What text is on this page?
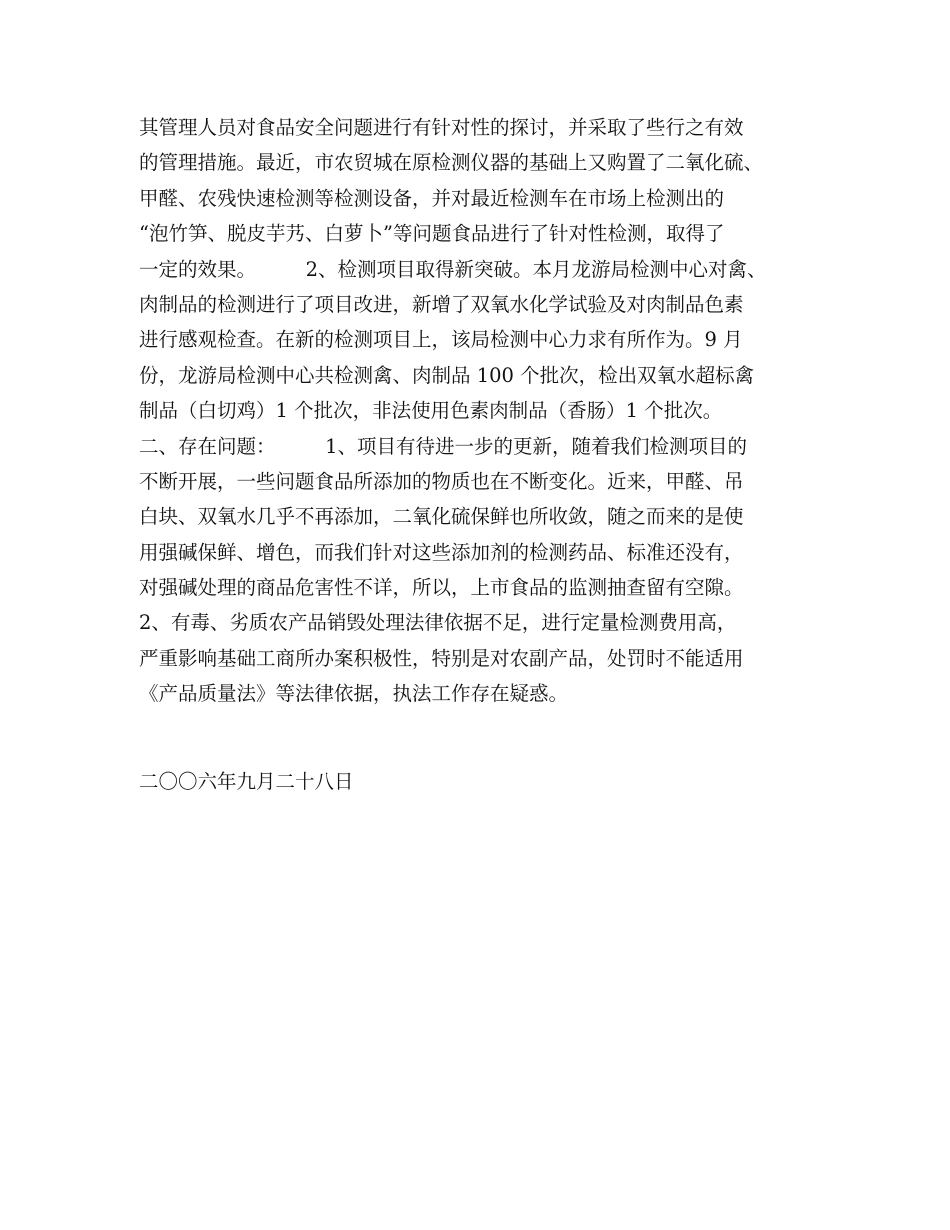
其管理人员对食品安全问题进行有针对性的探讨，并采取了些行之有效
的管理措施。最近，市农贸城在原检测仪器的基础上又购置了二氧化硫、
甲醛、农残快速检测等检测设备，并对最近检测车在市场上检测出的
“泡竹笋、脱皮芋艿、白萝卜”等问题食品进行了针对性检测，取得了
一定的效果。        2、检测项目取得新突破。本月龙游局检测中心对禽、
肉制品的检测进行了项目改进，新增了双氧水化学试验及对肉制品色素
进行感观检查。在新的检测项目上，该局检测中心力求有所作为。9 月
份，龙游局检测中心共检测禽、肉制品 100 个批次，检出双氧水超标禽
制品（白切鸡）1 个批次，非法使用色素肉制品（香肠）1 个批次。
二、存在问题：        1、项目有待进一步的更新，随着我们检测项目的
不断开展，一些问题食品所添加的物质也在不断变化。近来，甲醛、吊
白块、双氧水几乎不再添加，二氧化硫保鲜也所收敛，随之而来的是使
用强碱保鲜、增色，而我们针对这些添加剂的检测药品、标准还没有，
对强碱处理的商品危害性不详，所以，上市食品的监测抽查留有空隙。
2、有毒、劣质农产品销毁处理法律依据不足，进行定量检测费用高，
严重影响基础工商所办案积极性，特别是对农副产品，处罚时不能适用
《产品质量法》等法律依据，执法工作存在疑惑。
二〇〇六年九月二十八日
